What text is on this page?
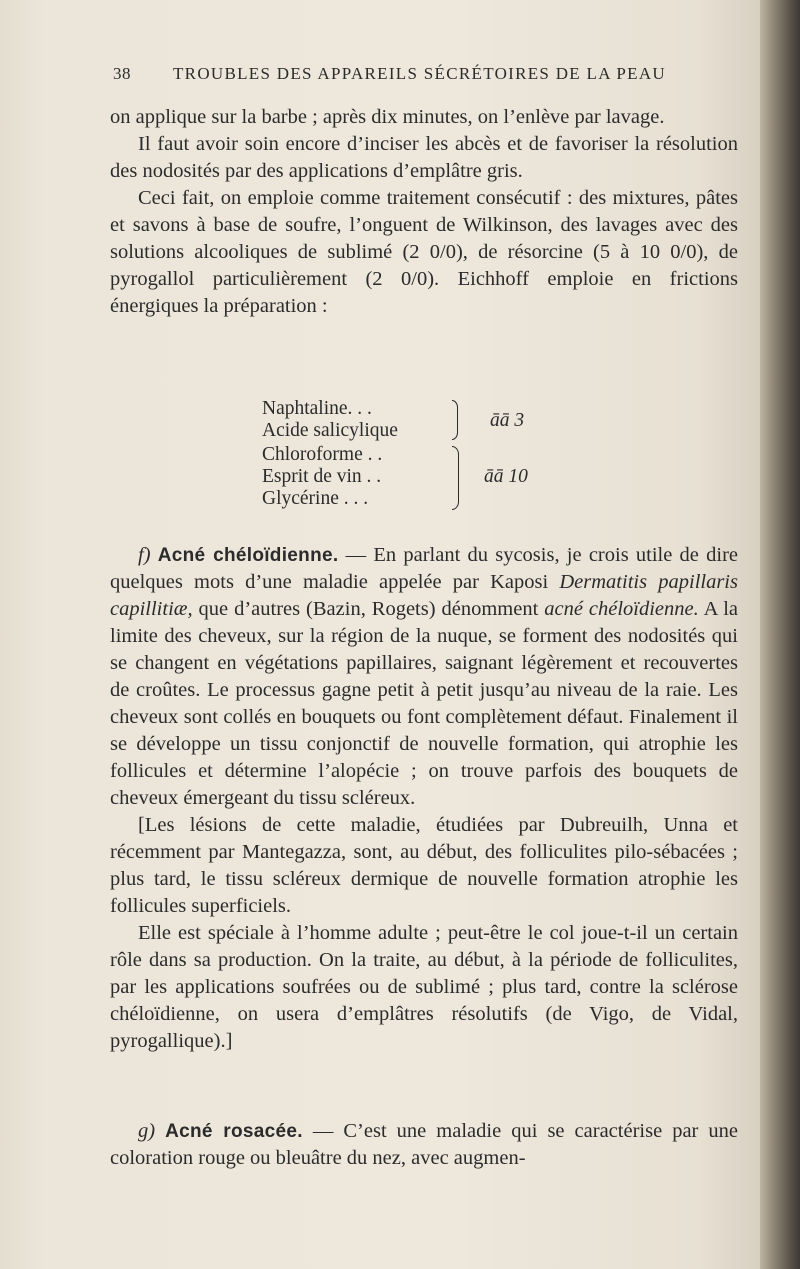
38 TROUBLES DES APPAREILS SÉCRÉTOIRES DE LA PEAU

on applique sur la barbe ; après dix minutes, on l’enlève par lavage.

Il faut avoir soin encore d’inciser les abcès et de favoriser la résolution des nodosités par des applications d’emplâtre gris.

Ceci fait, on emploie comme traitement consécutif : des mixtures, pâtes et savons à base de soufre, l’onguent de Wilkinson, des lavages avec des solutions alcooliques de sublimé (2 0/0), de résorcine (5 à 10 0/0), de pyrogallol particulièrement (2 0/0). Eichhoff emploie en frictions énergiques la préparation :

Naphtaline. . .
Acide salicylique
Chloroforme . .
Esprit de vin . .
Glycérine . . .
āā 3
āā 10

f) Acné chéloïdienne. — En parlant du sycosis, je crois utile de dire quelques mots d’une maladie appelée par Kaposi Dermatitis papillaris capillitiæ, que d’autres (Bazin, Rogets) dénomment acné chéloïdienne. A la limite des cheveux, sur la région de la nuque, se forment des nodosités qui se changent en végétations papillaires, saignant légèrement et recouvertes de croûtes. Le processus gagne petit à petit jusqu’au niveau de la raie. Les cheveux sont collés en bouquets ou font complètement défaut. Finalement il se développe un tissu conjonctif de nouvelle formation, qui atrophie les follicules et détermine l’alopécie ; on trouve parfois des bouquets de cheveux émergeant du tissu scléreux.

[Les lésions de cette maladie, étudiées par Dubreuilh, Unna et récemment par Mantegazza, sont, au début, des folliculites pilo-sébacées ; plus tard, le tissu scléreux dermique de nouvelle formation atrophie les follicules superficiels.

Elle est spéciale à l’homme adulte ; peut-être le col joue-t-il un certain rôle dans sa production. On la traite, au début, à la période de folliculites, par les applications soufrées ou de sublimé ; plus tard, contre la sclérose chéloïdienne, on usera d’emplâtres résolutifs (de Vigo, de Vidal, pyrogallique).]

g) Acné rosacée. — C’est une maladie qui se caractérise par une coloration rouge ou bleuâtre du nez, avec augmen-
